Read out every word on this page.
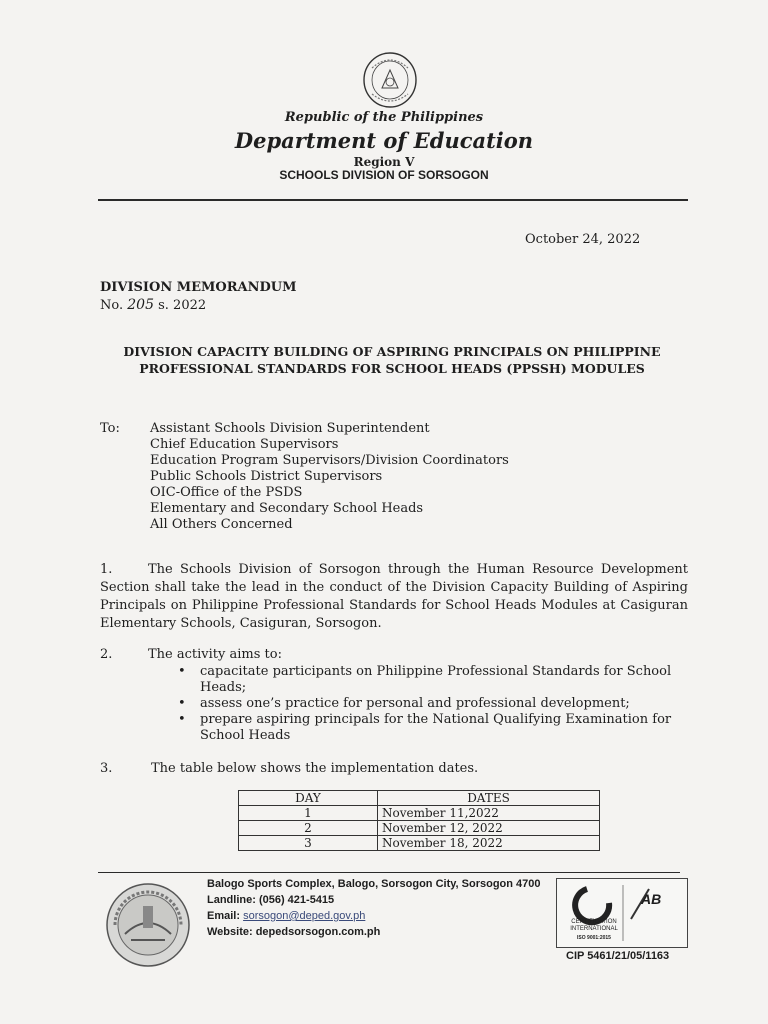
Republic of the Philippines
Department of Education
Region V
SCHOOLS DIVISION OF SORSOGON
October 24, 2022
DIVISION MEMORANDUM
No. 205 s. 2022
DIVISION CAPACITY BUILDING OF ASPIRING PRINCIPALS ON PHILIPPINE
PROFESSIONAL STANDARDS FOR SCHOOL HEADS (PPSSH) MODULES
To: Assistant Schools Division Superintendent
Chief Education Supervisors
Education Program Supervisors/Division Coordinators
Public Schools District Supervisors
OIC-Office of the PSDS
Elementary and Secondary School Heads
All Others Concerned
1.	The Schools Division of Sorsogon through the Human Resource Development Section shall take the lead in the conduct of the Division Capacity Building of Aspiring Principals on Philippine Professional Standards for School Heads Modules at Casiguran Elementary Schools, Casiguran, Sorsogon.
2.	The activity aims to:
• capacitate participants on Philippine Professional Standards for School Heads;
• assess one’s practice for personal and professional development;
• prepare aspiring principals for the National Qualifying Examination for School Heads
3.	The table below shows the implementation dates.
DAY	DATES
1	November 11,2022
2	November 12, 2022
3	November 18, 2022
Balogo Sports Complex, Balogo, Sorsogon City, Sorsogon 4700
Landline: (056) 421-5415
Email: sorsogon@deped.gov.ph
Website: depedsorsogon.com.ph
CERTIFICATION INTERNATIONAL
ISO 9001:2015
AB
CIP 5461/21/05/1163
